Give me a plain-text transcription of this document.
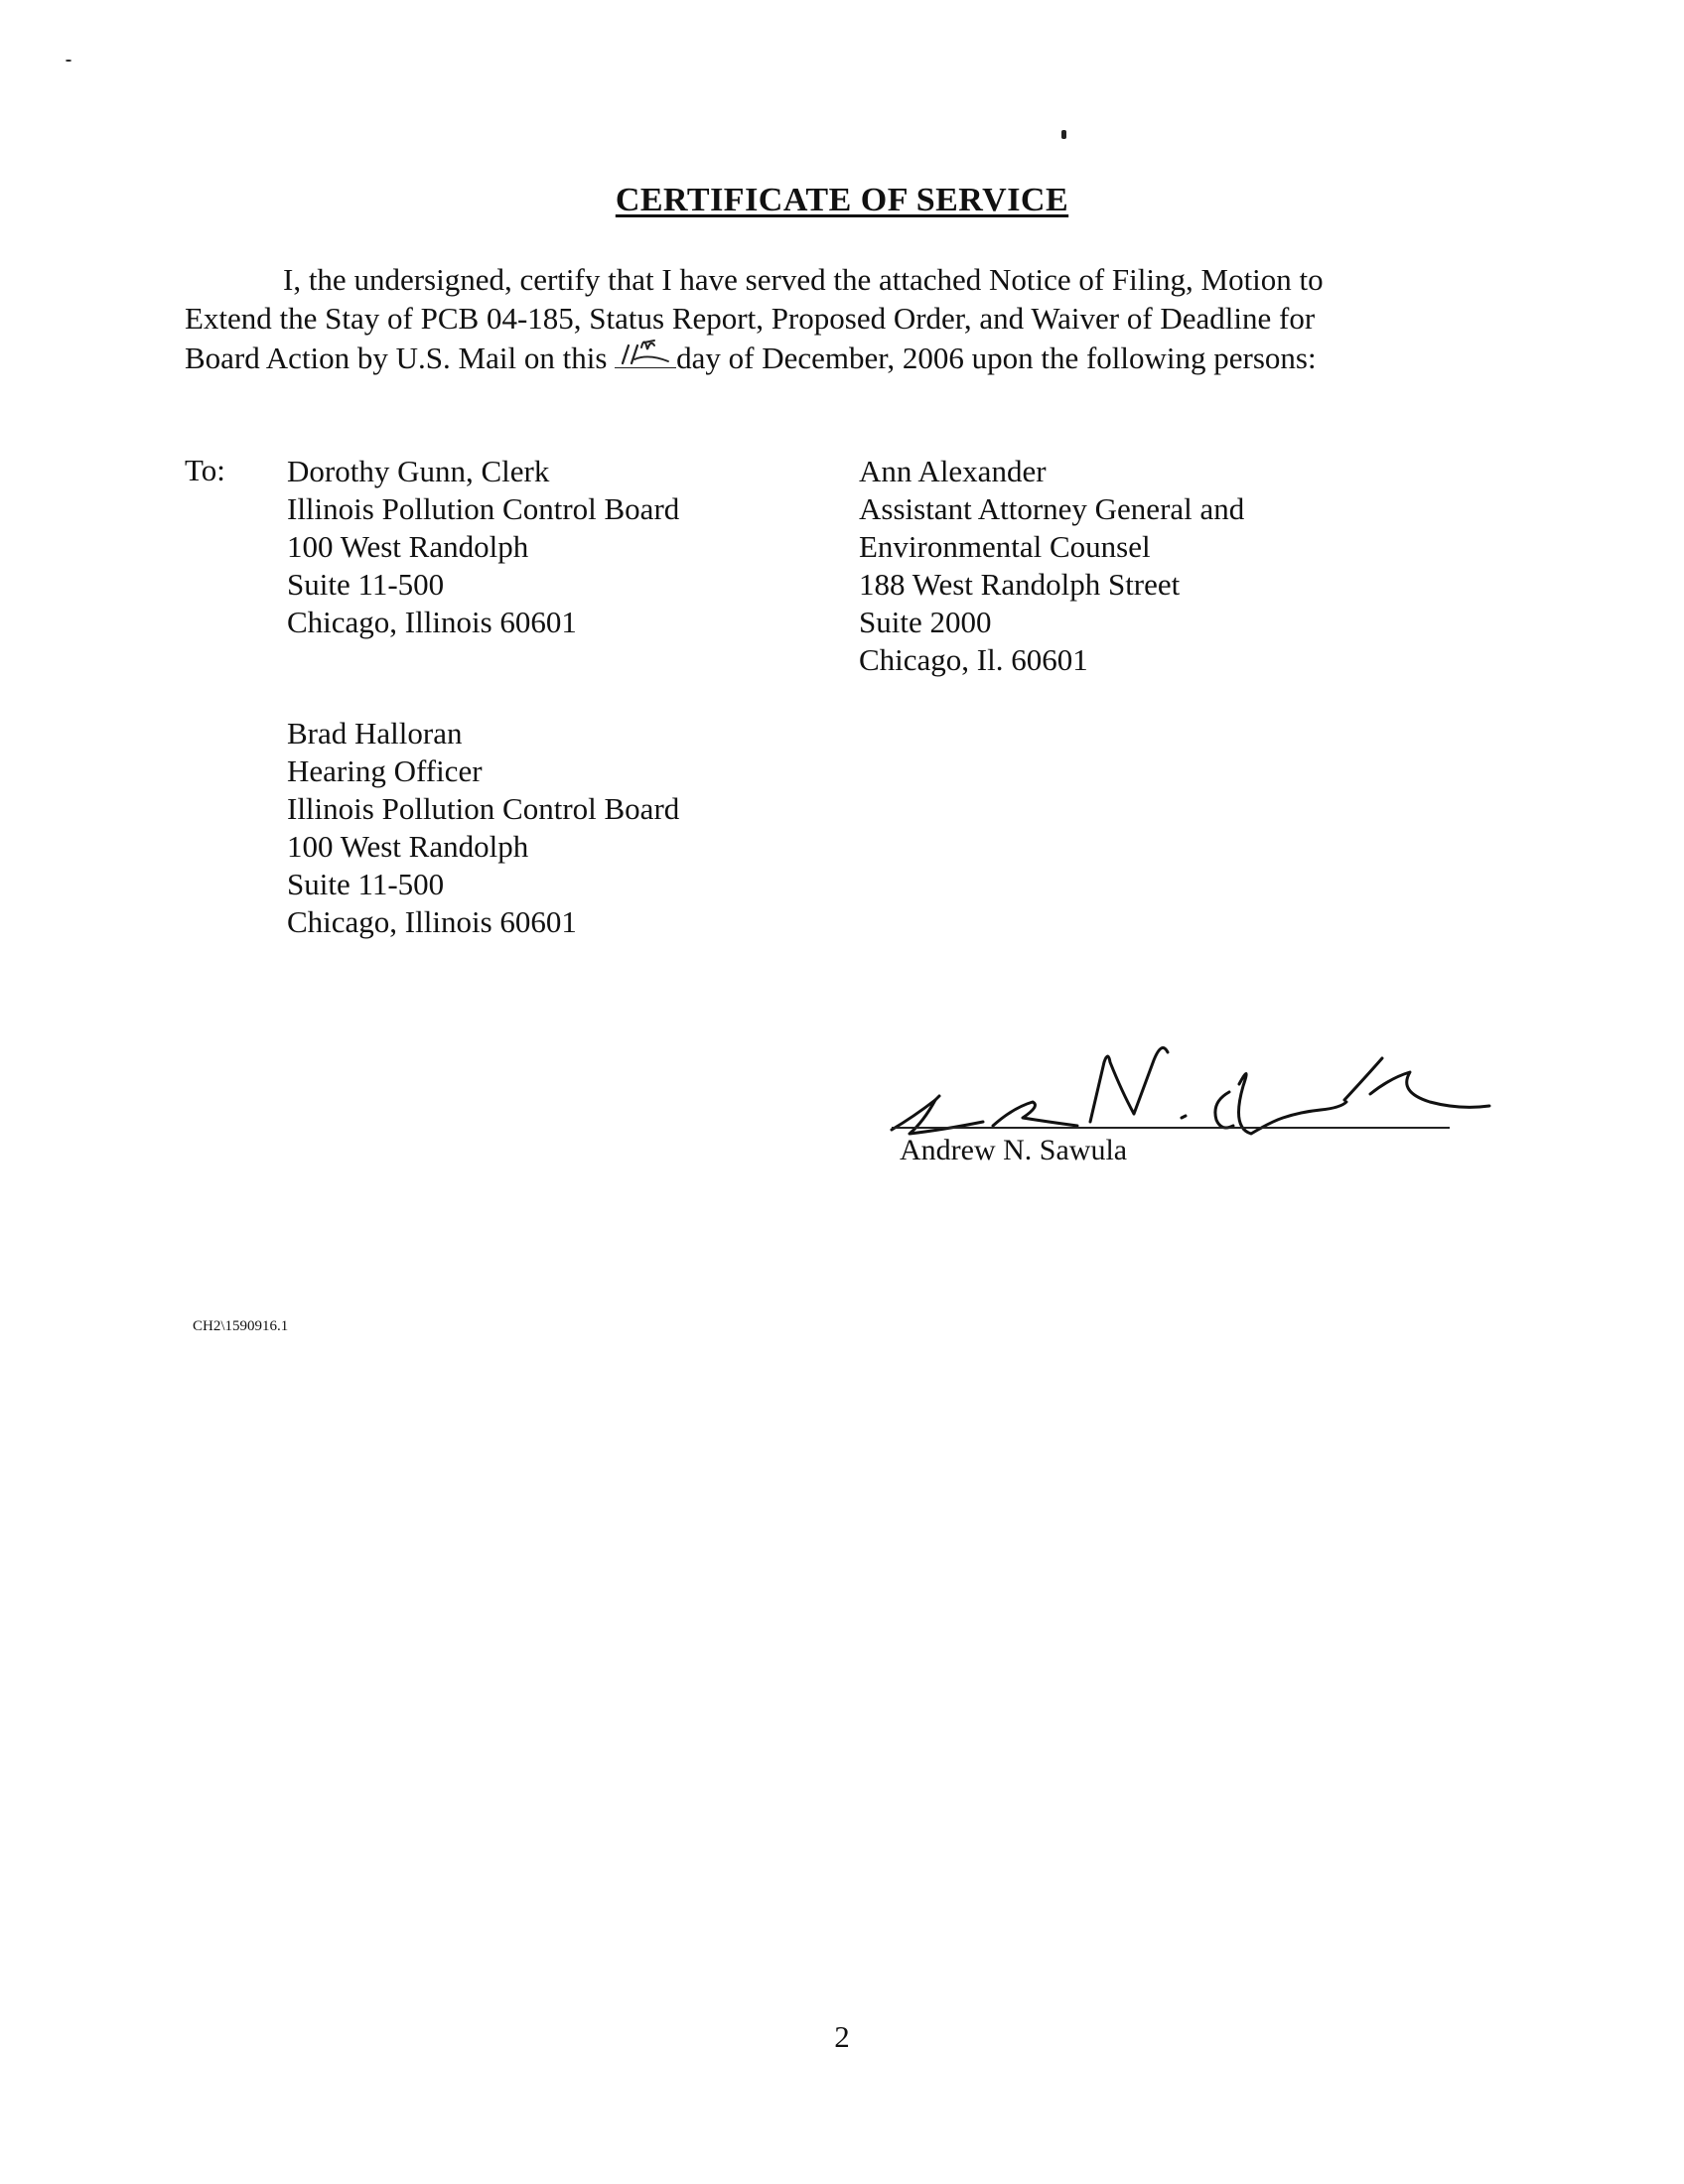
CERTIFICATE OF SERVICE
I, the undersigned, certify that I have served the attached Notice of Filing, Motion to
Extend the Stay of PCB 04-185, Status Report, Proposed Order, and Waiver of Deadline for
Board Action by U.S. Mail on this day of December, 2006 upon the following persons:
To: Dorothy Gunn, Clerk
Illinois Pollution Control Board
100 West Randolph
Suite 11-500
Chicago, Illinois 60601
Ann Alexander
Assistant Attorney General and
Environmental Counsel
188 West Randolph Street
Suite 2000
Chicago, Il. 60601
Brad Halloran
Hearing Officer
Illinois Pollution Control Board
100 West Randolph
Suite 11-500
Chicago, Illinois 60601
Andrew N. Sawula
CH2\1590916.1
2
